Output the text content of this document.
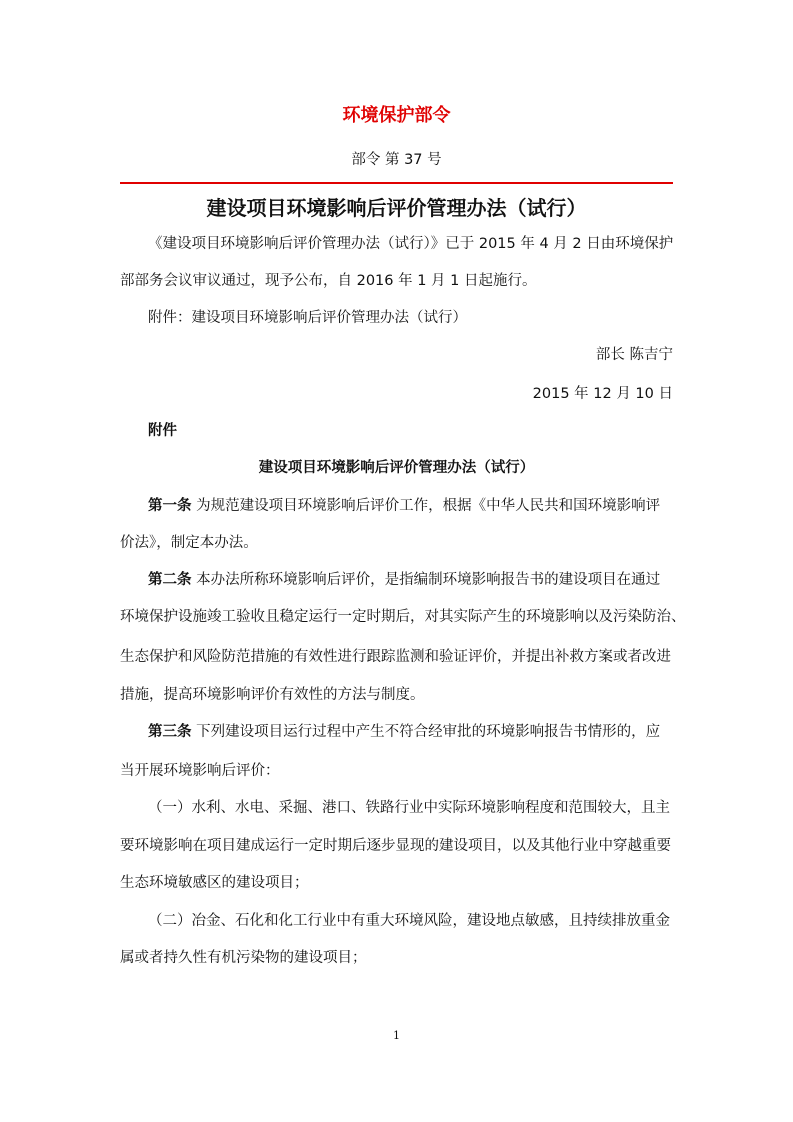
环境保护部令
部令 第 37 号
建设项目环境影响后评价管理办法（试行）
《建设项目环境影响后评价管理办法（试行）》已于 2015 年 4 月 2 日由环境保护
部部务会议审议通过，现予公布，自 2016 年 1 月 1 日起施行。
附件：建设项目环境影响后评价管理办法（试行）
部长 陈吉宁
2015 年 12 月 10 日
附件
建设项目环境影响后评价管理办法（试行）
第一条 为规范建设项目环境影响后评价工作，根据《中华人民共和国环境影响评
价法》，制定本办法。
第二条 本办法所称环境影响后评价，是指编制环境影响报告书的建设项目在通过
环境保护设施竣工验收且稳定运行一定时期后，对其实际产生的环境影响以及污染防治、
生态保护和风险防范措施的有效性进行跟踪监测和验证评价，并提出补救方案或者改进
措施，提高环境影响评价有效性的方法与制度。
第三条 下列建设项目运行过程中产生不符合经审批的环境影响报告书情形的，应
当开展环境影响后评价：
（一）水利、水电、采掘、港口、铁路行业中实际环境影响程度和范围较大，且主
要环境影响在项目建成运行一定时期后逐步显现的建设项目，以及其他行业中穿越重要
生态环境敏感区的建设项目；
（二）冶金、石化和化工行业中有重大环境风险，建设地点敏感，且持续排放重金
属或者持久性有机污染物的建设项目；
1
